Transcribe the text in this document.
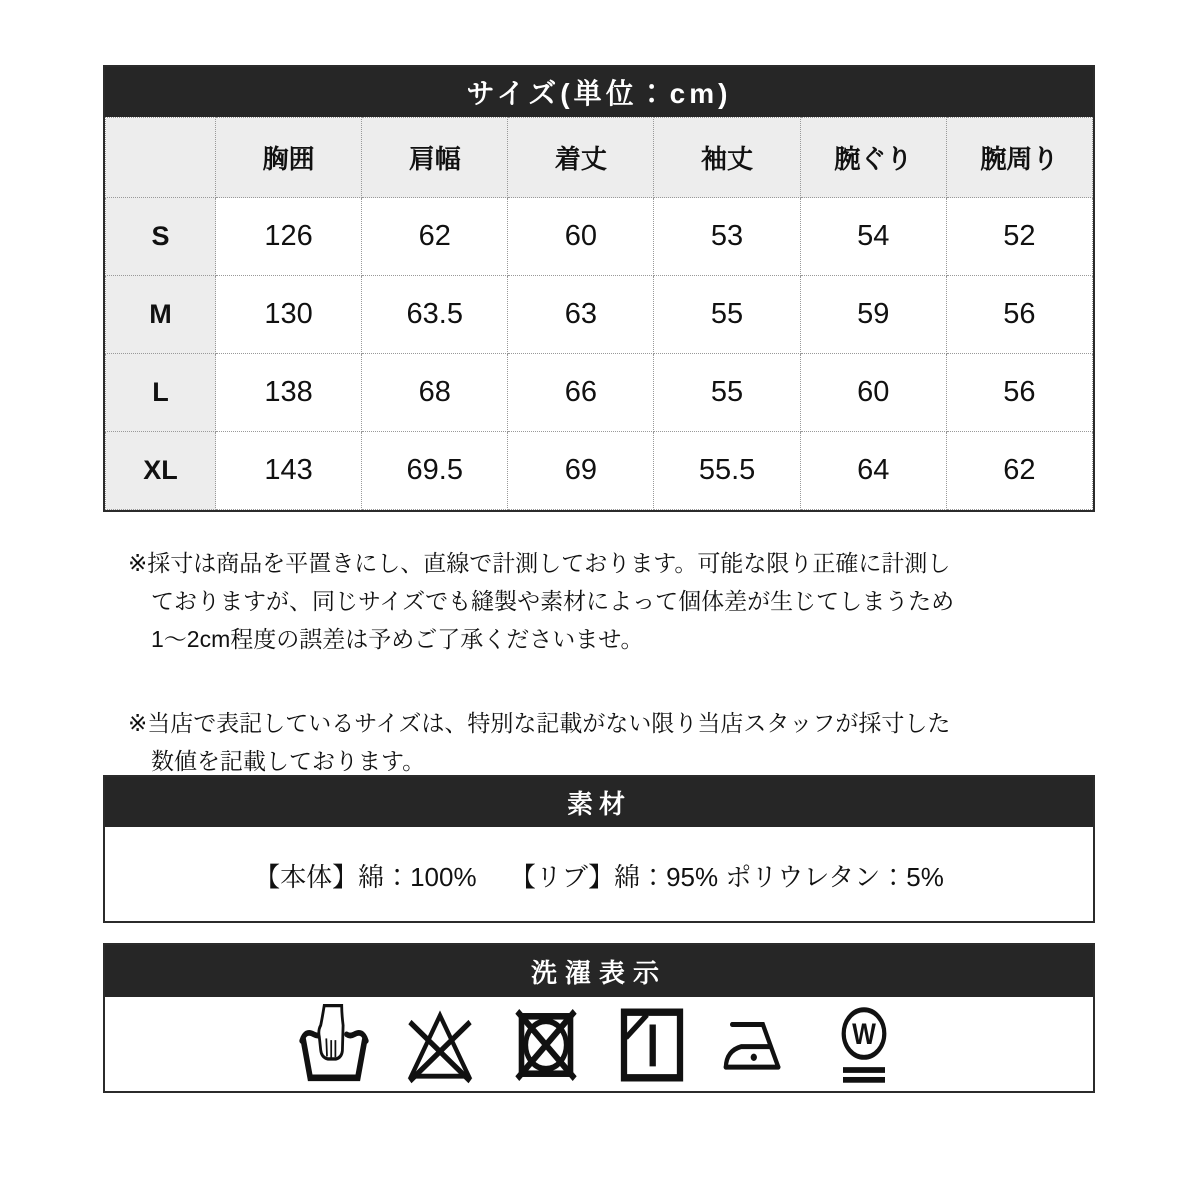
サイズ(単位：cm)
	胸囲	肩幅	着丈	袖丈	腕ぐり	腕周り
S	126	62	60	53	54	52
M	130	63.5	63	55	59	56
L	138	68	66	55	60	56
XL	143	69.5	69	55.5	64	62
※採寸は商品を平置きにし、直線で計測しております。可能な限り正確に計測し
ておりますが、同じサイズでも縫製や素材によって個体差が生じてしまうため
1〜2cm程度の誤差は予めご了承くださいませ。
※当店で表記しているサイズは、特別な記載がない限り当店スタッフが採寸した
数値を記載しております。
素材
【本体】綿：100%　 【リブ】綿：95% ポリウレタン：5%
洗濯表示
W
